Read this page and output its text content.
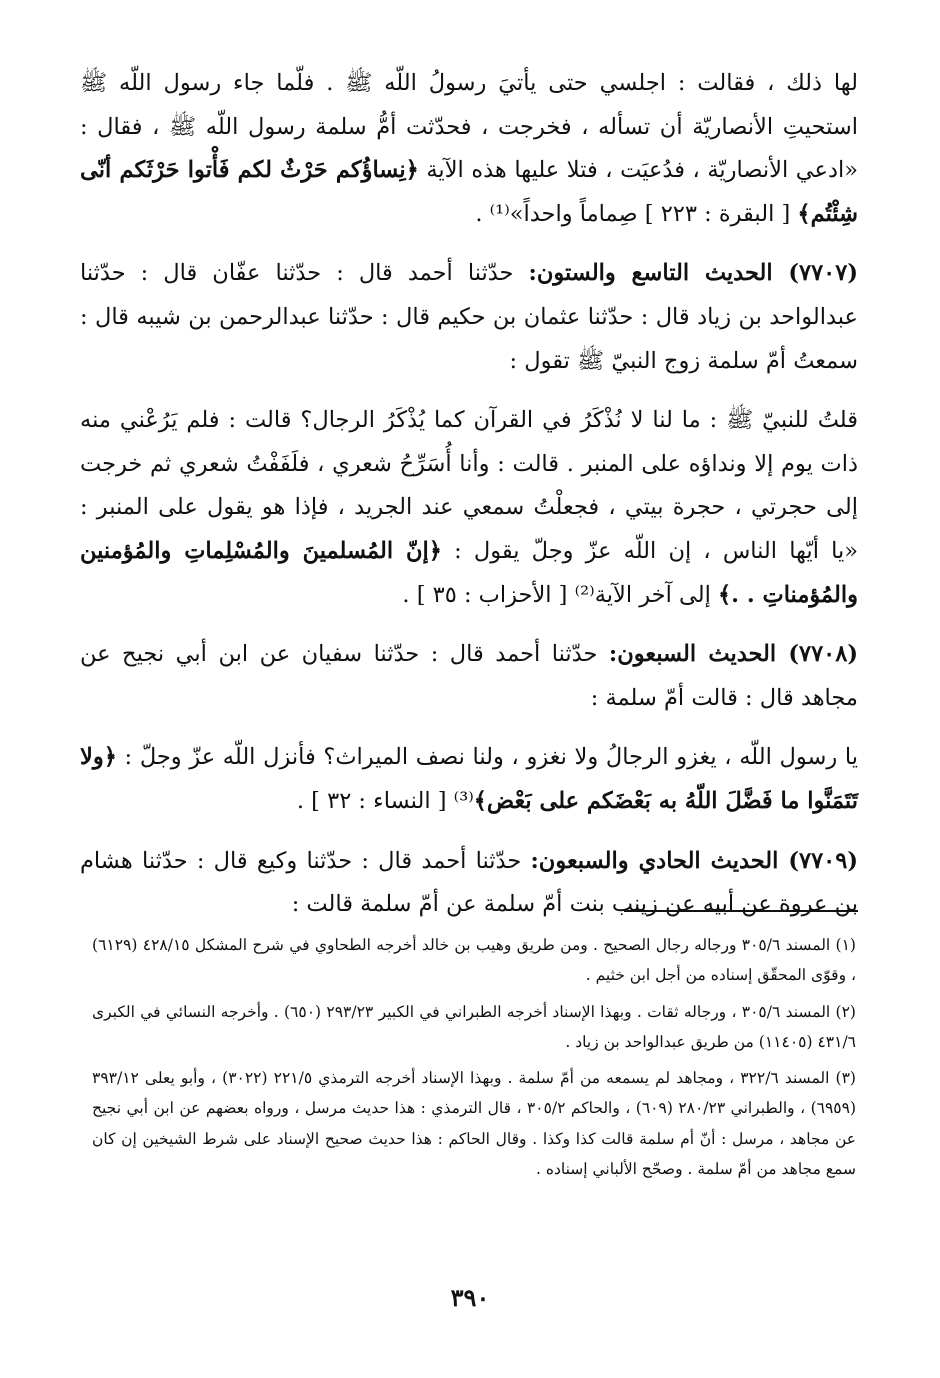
لها ذلك ، فقالت : اجلسي حتى يأتيَ رسولُ اللّه ﷺ . فلّما جاء رسول اللّه ﷺ استحيتِ الأنصاريّة أن تسأله ، فخرجت ، فحدّثت أمُّ سلمة رسول اللّه ﷺ ، فقال : «ادعي الأنصاريّة ، فدُعيَت ، فتلا عليها هذه الآية ﴿نِساؤُكم حَرْثٌ لكم فَأْتوا حَرْثَكم أنّى شِئْتُم﴾ [ البقرة : ٢٢٣ ] صِماماً واحداً»⁽¹⁾ .

(٧٧٠٧) الحديث التاسع والستون: حدّثنا أحمد قال : حدّثنا عفّان قال : حدّثنا عبدالواحد بن زياد قال : حدّثنا عثمان بن حكيم قال : حدّثنا عبدالرحمن بن شيبه قال : سمعتُ أمّ سلمة زوج النبيّ ﷺ تقول :

قلتُ للنبيّ ﷺ : ما لنا لا نُذْكَرُ في القرآن كما يُذْكَرُ الرجال؟ قالت : فلم يَرُعْني منه ذات يوم إلا ونداؤه على المنبر . قالت : وأنا أُسَرِّحُ شعري ، فلَفَفْتُ شعري ثم خرجت إلى حجرتي ، حجرة بيتي ، فجعلْتُ سمعي عند الجريد ، فإذا هو يقول على المنبر : «يا أيّها الناس ، إن اللّه عزّ وجلّ يقول : ﴿إنّ المُسلمينَ والمُسْلِماتِ والمُؤمنين والمُؤمناتِ . .﴾ إلى آخر الآية⁽²⁾ [ الأحزاب : ٣٥ ] .

(٧٧٠٨) الحديث السبعون: حدّثنا أحمد قال : حدّثنا سفيان عن ابن أبي نجيح عن مجاهد قال : قالت أمّ سلمة :

يا رسول اللّه ، يغزو الرجالُ ولا نغزو ، ولنا نصف الميراث؟ فأنزل اللّه عزّ وجلّ : ﴿ولا تَتَمَنَّوا ما فَضَّلَ اللّهُ به بَعْضَكم على بَعْض﴾⁽³⁾ [ النساء : ٣٢ ] .

(٧٧٠٩) الحديث الحادي والسبعون: حدّثنا أحمد قال : حدّثنا وكيع قال : حدّثنا هشام بن عروة عن أبيه عن زينب بنت أمّ سلمة عن أمّ سلمة قالت :

(١) المسند ٣٠٥/٦ ورجاله رجال الصحيح . ومن طريق وهيب بن خالد أخرجه الطحاوي في شرح المشكل ٤٢٨/١٥ (٦١٢٩) ، وقوّى المحقّق إسناده من أجل ابن خثيم .

(٢) المسند ٣٠٥/٦ ، ورجاله ثقات . وبهذا الإسناد أخرجه الطبراني في الكبير ٢٩٣/٢٣ (٦٥٠) . وأخرجه النسائي في الكبرى ٤٣١/٦ (١١٤٠٥) من طريق عبدالواحد بن زياد .

(٣) المسند ٣٢٢/٦ ، ومجاهد لم يسمعه من أمّ سلمة . وبهذا الإسناد أخرجه الترمذي ٢٢١/٥ (٣٠٢٢) ، وأبو يعلى ٣٩٣/١٢ (٦٩٥٩) ، والطبراني ٢٨٠/٢٣ (٦٠٩) ، والحاكم ٣٠٥/٢ ، قال الترمذي : هذا حديث مرسل ، ورواه بعضهم عن ابن أبي نجيح عن مجاهد ، مرسل : أنّ أم سلمة قالت كذا وكذا . وقال الحاكم : هذا حديث صحيح الإسناد على شرط الشيخين إن كان سمع مجاهد من أمّ سلمة . وصحّح الألباني إسناده .

٣٩٠
